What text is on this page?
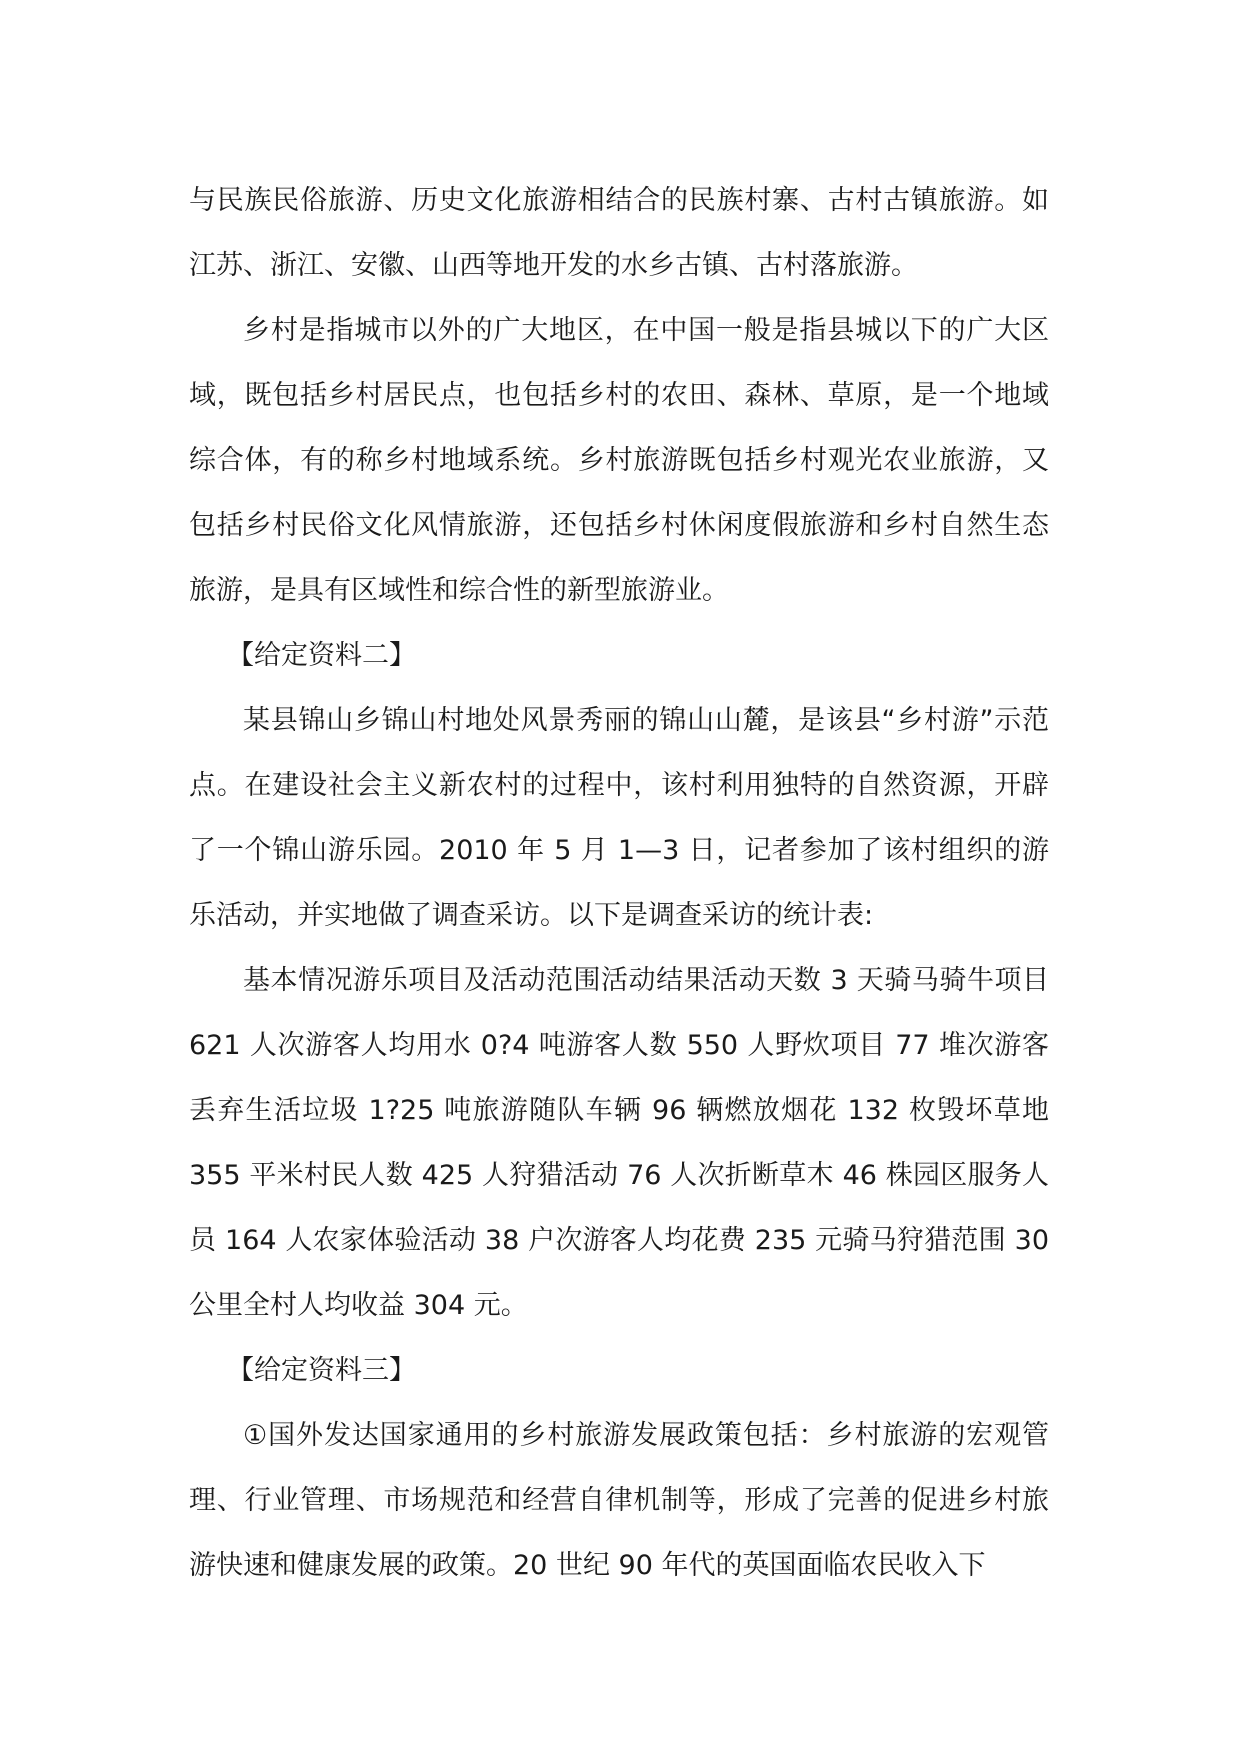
与民族民俗旅游、历史文化旅游相结合的民族村寨、古村古镇旅游。如江苏、浙江、安徽、山西等地开发的水乡古镇、古村落旅游。

乡村是指城市以外的广大地区，在中国一般是指县城以下的广大区域，既包括乡村居民点，也包括乡村的农田、森林、草原，是一个地域综合体，有的称乡村地域系统。乡村旅游既包括乡村观光农业旅游，又包括乡村民俗文化风情旅游，还包括乡村休闲度假旅游和乡村自然生态旅游，是具有区域性和综合性的新型旅游业。

【给定资料二】

某县锦山乡锦山村地处风景秀丽的锦山山麓，是该县“乡村游”示范点。在建设社会主义新农村的过程中，该村利用独特的自然资源，开辟了一个锦山游乐园。2010 年 5 月 1—3 日，记者参加了该村组织的游乐活动，并实地做了调查采访。以下是调查采访的统计表:

基本情况游乐项目及活动范围活动结果活动天数 3 天骑马骑牛项目 621 人次游客人均用水 0?4 吨游客人数 550 人野炊项目 77 堆次游客丢弃生活垃圾 1?25 吨旅游随队车辆 96 辆燃放烟花 132 枚毁坏草地 355 平米村民人数 425 人狩猎活动 76 人次折断草木 46 株园区服务人员 164 人农家体验活动 38 户次游客人均花费 235 元骑马狩猎范围 30 公里全村人均收益 304 元。

【给定资料三】

①国外发达国家通用的乡村旅游发展政策包括：乡村旅游的宏观管理、行业管理、市场规范和经营自律机制等，形成了完善的促进乡村旅游快速和健康发展的政策。20 世纪 90 年代的英国面临农民收入下
